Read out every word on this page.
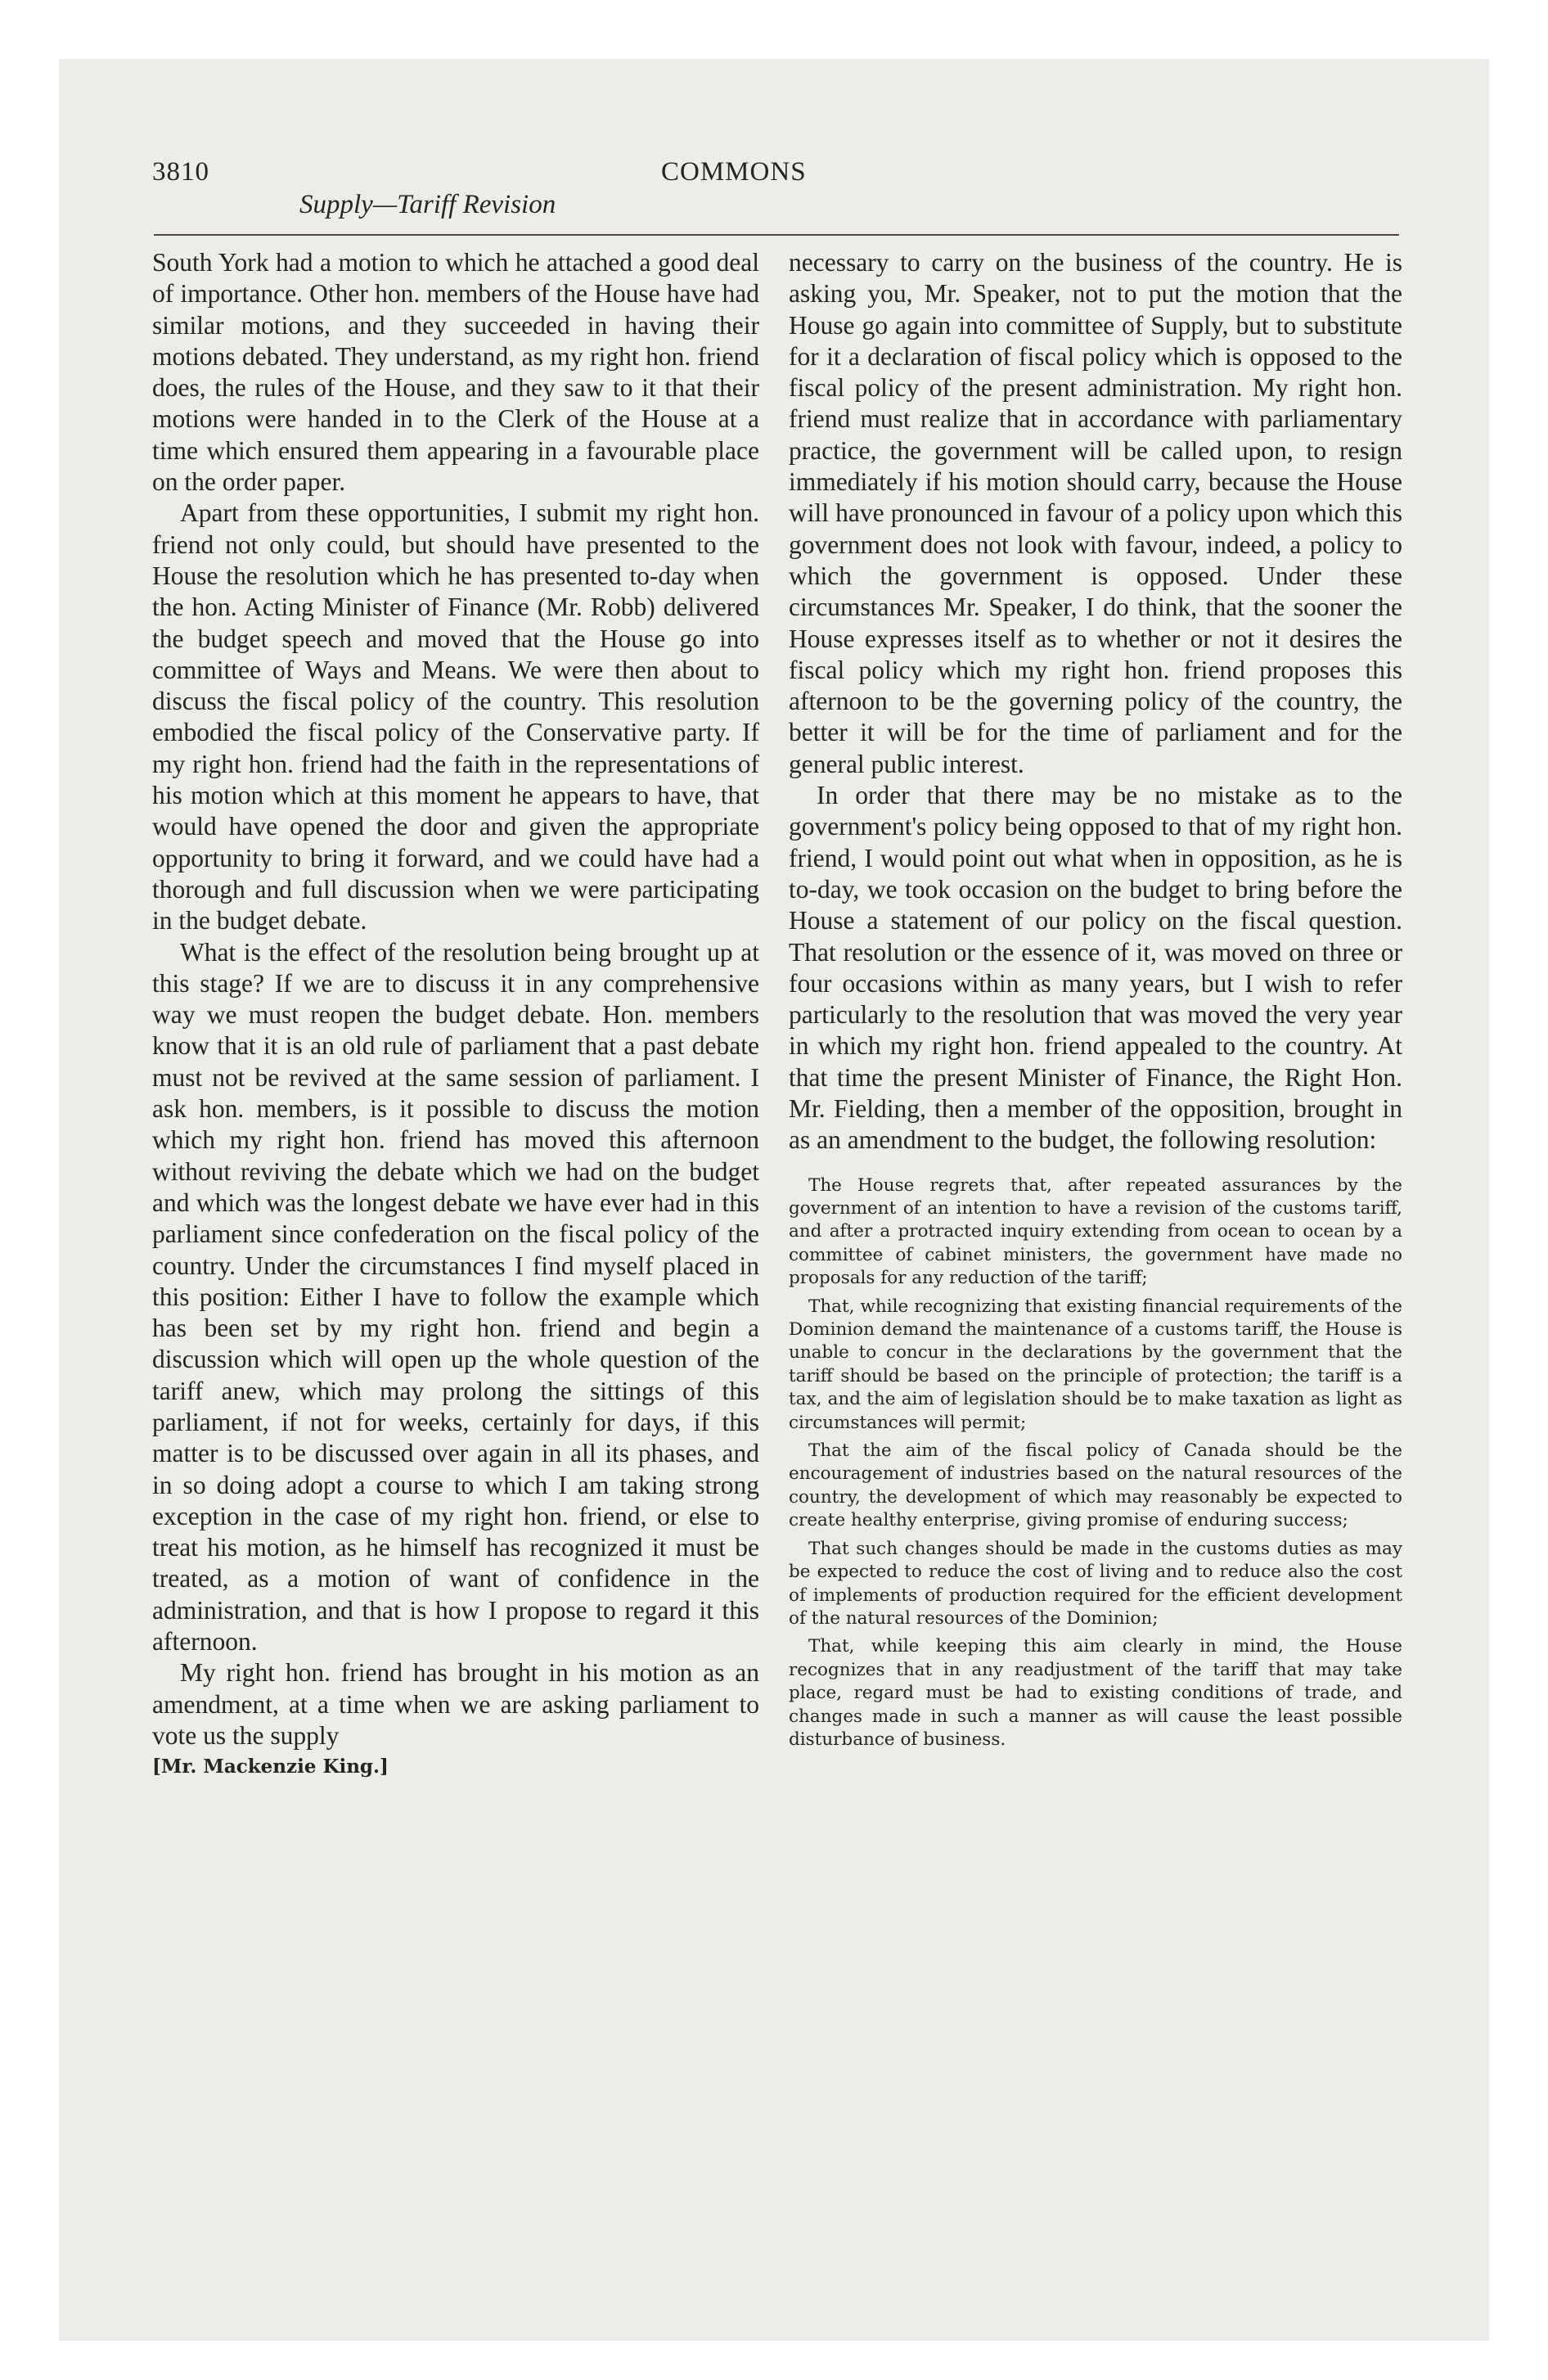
3810	COMMONS
Supply—Tariff Revision

South York had a motion to which he attached a good deal of importance. Other hon. members of the House have had similar motions, and they succeeded in having their motions debated. They understand, as my right hon. friend does, the rules of the House, and they saw to it that their motions were handed in to the Clerk of the House at a time which ensured them appearing in a favourable place on the order paper.

Apart from these opportunities, I submit my right hon. friend not only could, but should have presented to the House the resolution which he has presented to-day when the hon. Acting Minister of Finance (Mr. Robb) delivered the budget speech and moved that the House go into committee of Ways and Means. We were then about to discuss the fiscal policy of the country. This resolution embodied the fiscal policy of the Conservative party. If my right hon. friend had the faith in the representations of his motion which at this moment he appears to have, that would have opened the door and given the appropriate opportunity to bring it forward, and we could have had a thorough and full discussion when we were participating in the budget debate.

What is the effect of the resolution being brought up at this stage? If we are to discuss it in any comprehensive way we must reopen the budget debate. Hon. members know that it is an old rule of parliament that a past debate must not be revived at the same session of parliament. I ask hon. members, is it possible to discuss the motion which my right hon. friend has moved this afternoon without reviving the debate which we had on the budget and which was the longest debate we have ever had in this parliament since confederation on the fiscal policy of the country. Under the circumstances I find myself placed in this position: Either I have to follow the example which has been set by my right hon. friend and begin a discussion which will open up the whole question of the tariff anew, which may prolong the sittings of this parliament, if not for weeks, certainly for days, if this matter is to be discussed over again in all its phases, and in so doing adopt a course to which I am taking strong exception in the case of my right hon. friend, or else to treat his motion, as he himself has recognized it must be treated, as a motion of want of confidence in the administration, and that is how I propose to regard it this afternoon.

My right hon. friend has brought in his motion as an amendment, at a time when we are asking parliament to vote us the supply

[Mr. Mackenzie King.]

necessary to carry on the business of the country. He is asking you, Mr. Speaker, not to put the motion that the House go again into committee of Supply, but to substitute for it a declaration of fiscal policy which is opposed to the fiscal policy of the present administration. My right hon. friend must realize that in accordance with parliamentary practice, the government will be called upon, to resign immediately if his motion should carry, because the House will have pronounced in favour of a policy upon which this government does not look with favour, indeed, a policy to which the government is opposed. Under these circumstances Mr. Speaker, I do think, that the sooner the House expresses itself as to whether or not it desires the fiscal policy which my right hon. friend proposes this afternoon to be the governing policy of the country, the better it will be for the time of parliament and for the general public interest.

In order that there may be no mistake as to the government's policy being opposed to that of my right hon. friend, I would point out what when in opposition, as he is to-day, we took occasion on the budget to bring before the House a statement of our policy on the fiscal question. That resolution or the essence of it, was moved on three or four occasions within as many years, but I wish to refer particularly to the resolution that was moved the very year in which my right hon. friend appealed to the country. At that time the present Minister of Finance, the Right Hon. Mr. Fielding, then a member of the opposition, brought in as an amendment to the budget, the following resolution:

The House regrets that, after repeated assurances by the government of an intention to have a revision of the customs tariff, and after a protracted inquiry extending from ocean to ocean by a committee of cabinet ministers, the government have made no proposals for any reduction of the tariff;

That, while recognizing that existing financial requirements of the Dominion demand the maintenance of a customs tariff, the House is unable to concur in the declarations by the government that the tariff should be based on the principle of protection; the tariff is a tax, and the aim of legislation should be to make taxation as light as circumstances will permit;

That the aim of the fiscal policy of Canada should be the encouragement of industries based on the natural resources of the country, the development of which may reasonably be expected to create healthy enterprise, giving promise of enduring success;

That such changes should be made in the customs duties as may be expected to reduce the cost of living and to reduce also the cost of implements of production required for the efficient development of the natural resources of the Dominion;

That, while keeping this aim clearly in mind, the House recognizes that in any readjustment of the tariff that may take place, regard must be had to existing conditions of trade, and changes made in such a manner as will cause the least possible disturbance of business.
